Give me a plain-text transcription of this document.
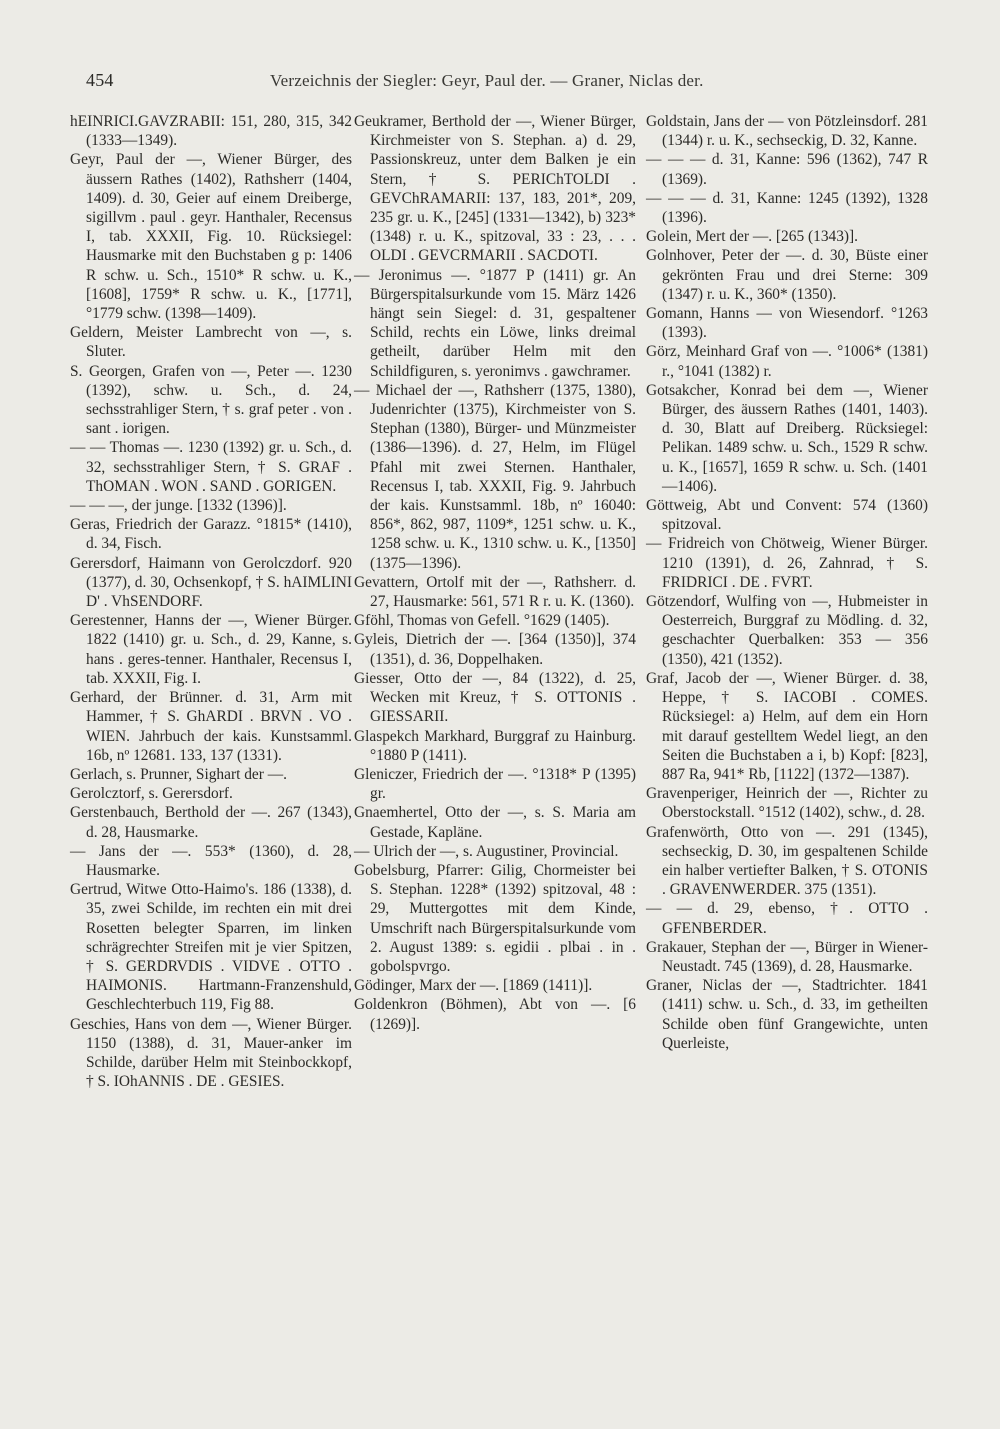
454	Verzeichnis der Siegler: Geyr, Paul der. — Graner, Niclas der.
hEINRICI.GAVZRABII: 151, 280, 315, 342 (1333—1349).
Geyr, Paul der —, Wiener Bürger, des äussern Rathes (1402), Rathsherr (1404, 1409). d. 30, Geier auf einem Dreiberge, sigillvm . paul . geyr. Hanthaler, Recensus I, tab. XXXII, Fig. 10. Rücksiegel: Hausmarke mit den Buchstaben g p: 1406 R schw. u. Sch., 1510* R schw. u. K., [1608], 1759* R schw. u. K., [1771], °1779 schw. (1398—1409).
Geldern, Meister Lambrecht von —, s. Sluter.
S. Georgen, Grafen von —, Peter —. 1230 (1392), schw. u. Sch., d. 24, sechsstrahliger Stern, † s. graf peter . von . sant . iorigen.
— — Thomas —. 1230 (1392) gr. u. Sch., d. 32, sechsstrahliger Stern, † S. GRAF . ThOMAN . WON . SAND . GORIGEN.
— — —, der junge. [1332 (1396)].
Geras, Friedrich der Garazz. °1815* (1410), d. 34, Fisch.
Gerersdorf, Haimann von Gerolczdorf. 920 (1377), d. 30, Ochsenkopf, † S. hAIMLINI D' . VhSENDORF.
Gerestenner, Hanns der —, Wiener Bürger. 1822 (1410) gr. u. Sch., d. 29, Kanne, s. hans . geres-tenner. Hanthaler, Recensus I, tab. XXXII, Fig. I.
Gerhard, der Brünner. d. 31, Arm mit Hammer, † S. GhARDI . BRVN . VO . WIEN. Jahrbuch der kais. Kunstsamml. 16b, nº 12681. 133, 137 (1331).
Gerlach, s. Prunner, Sighart der —.
Gerolcztorf, s. Gerersdorf.
Gerstenbauch, Berthold der —. 267 (1343), d. 28, Hausmarke.
— Jans der —. 553* (1360), d. 28, Hausmarke.
Gertrud, Witwe Otto-Haimo's. 186 (1338), d. 35, zwei Schilde, im rechten ein mit drei Rosetten belegter Sparren, im linken schrägrechter Streifen mit je vier Spitzen, † S. GERDRVDIS . VIDVE . OTTO . HAIMONIS. Hartmann-Franzenshuld, Geschlechterbuch 119, Fig 88.
Geschies, Hans von dem —, Wiener Bürger. 1150 (1388), d. 31, Mauer-anker im Schilde, darüber Helm mit Steinbockkopf, † S. IOhANNIS . DE . GESIES.
Geukramer, Berthold der —, Wiener Bürger, Kirchmeister von S. Stephan. a) d. 29, Passionskreuz, unter dem Balken je ein Stern, † S. PERIChTOLDI . GEVChRAMARII: 137, 183, 201*, 209, 235 gr. u. K., [245] (1331—1342), b) 323* (1348) r. u. K., spitzoval, 33 : 23, . . . OLDI . GEVCRMARII . SACDOTI.
— Jeronimus —. °1877 P (1411) gr. An Bürgerspitalsurkunde vom 15. März 1426 hängt sein Siegel: d. 31, gespaltener Schild, rechts ein Löwe, links dreimal getheilt, darüber Helm mit den Schildfiguren, s. yeronimvs . gawchramer.
— Michael der —, Rathsherr (1375, 1380), Judenrichter (1375), Kirchmeister von S. Stephan (1380), Bürger- und Münzmeister (1386—1396). d. 27, Helm, im Flügel Pfahl mit zwei Sternen. Hanthaler, Recensus I, tab. XXXII, Fig. 9. Jahrbuch der kais. Kunstsamml. 18b, nº 16040: 856*, 862, 987, 1109*, 1251 schw. u. K., 1258 schw. u. K., 1310 schw. u. K., [1350] (1375—1396).
Gevattern, Ortolf mit der —, Rathsherr. d. 27, Hausmarke: 561, 571 R r. u. K. (1360).
Gföhl, Thomas von Gefell. °1629 (1405).
Gyleis, Dietrich der —. [364 (1350)], 374 (1351), d. 36, Doppelhaken.
Giesser, Otto der —, 84 (1322), d. 25, Wecken mit Kreuz, † S. OTTONIS . GIESSARII.
Glaspekch Markhard, Burggraf zu Hainburg. °1880 P (1411).
Gleniczer, Friedrich der —. °1318* P (1395) gr.
Gnaemhertel, Otto der —, s. S. Maria am Gestade, Kapläne.
— Ulrich der —, s. Augustiner, Provincial.
Gobelsburg, Pfarrer: Gilig, Chormeister bei S. Stephan. 1228* (1392) spitzoval, 48 : 29, Muttergottes mit dem Kinde, Umschrift nach Bürgerspitalsurkunde vom 2. August 1389: s. egidii . plbai . in . gobolspvrgo.
Gödinger, Marx der —. [1869 (1411)].
Goldenkron (Böhmen), Abt von —. [6 (1269)].
Goldstain, Jans der — von Pötzleinsdorf. 281 (1344) r. u. K., sechseckig, D. 32, Kanne.
— — — d. 31, Kanne: 596 (1362), 747 R (1369).
— — — d. 31, Kanne: 1245 (1392), 1328 (1396).
Golein, Mert der —. [265 (1343)].
Golnhover, Peter der —. d. 30, Büste einer gekrönten Frau und drei Sterne: 309 (1347) r. u. K., 360* (1350).
Gomann, Hanns — von Wiesendorf. °1263 (1393).
Görz, Meinhard Graf von —. °1006* (1381) r., °1041 (1382) r.
Gotsakcher, Konrad bei dem —, Wiener Bürger, des äussern Rathes (1401, 1403). d. 30, Blatt auf Dreiberg. Rücksiegel: Pelikan. 1489 schw. u. Sch., 1529 R schw. u. K., [1657], 1659 R schw. u. Sch. (1401—1406).
Göttweig, Abt und Convent: 574 (1360) spitzoval.
— Fridreich von Chötweig, Wiener Bürger. 1210 (1391), d. 26, Zahnrad, † S. FRIDRICI . DE . FVRT.
Götzendorf, Wulfing von —, Hubmeister in Oesterreich, Burggraf zu Mödling. d. 32, geschachter Querbalken: 353 — 356 (1350), 421 (1352).
Graf, Jacob der —, Wiener Bürger. d. 38, Heppe, † S. IACOBI . COMES. Rücksiegel: a) Helm, auf dem ein Horn mit darauf gestelltem Wedel liegt, an den Seiten die Buchstaben a i, b) Kopf: [823], 887 Ra, 941* Rb, [1122] (1372—1387).
Gravenperiger, Heinrich der —, Richter zu Oberstockstall. °1512 (1402), schw., d. 28.
Grafenwörth, Otto von —. 291 (1345), sechseckig, D. 30, im gespaltenen Schilde ein halber vertiefter Balken, † S. OTONIS . GRAVENWERDER. 375 (1351).
— — d. 29, ebenso, †. OTTO . GFENBERDER.
Grakauer, Stephan der —, Bürger in Wiener-Neustadt. 745 (1369), d. 28, Hausmarke.
Graner, Niclas der —, Stadtrichter. 1841 (1411) schw. u. Sch., d. 33, im getheilten Schilde oben fünf Grangewichte, unten Querleiste,
